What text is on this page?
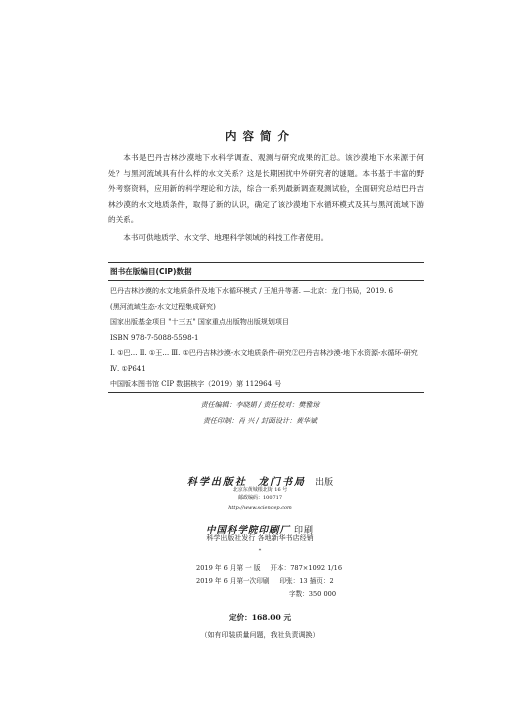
内容简介

本书是巴丹吉林沙漠地下水科学调查、观测与研究成果的汇总。该沙漠地下水来源于何处？与黑河流域具有什么样的水文关系？这是长期困扰中外研究者的谜题。本书基于丰富的野外考察资料，应用新的科学理论和方法，综合一系列最新调查观测试验，全面研究总结巴丹吉林沙漠的水文地质条件，取得了新的认识，确定了该沙漠地下水循环模式及其与黑河流域下游的关系。

本书可供地质学、水文学、地理科学领域的科技工作者使用。

图书在版编目(CIP)数据
巴丹吉林沙漠的水文地质条件及地下水循环模式 / 王旭升等著. —北京：龙门书局，2019. 6
(黑河流域生态-水文过程集成研究)
国家出版基金项目 "十三五" 国家重点出版物出版规划项目
ISBN 978-7-5088-5598-1
Ⅰ. ①巴… Ⅱ. ①王… Ⅲ. ①巴丹吉林沙漠-水文地质条件-研究②巴丹吉林沙漠-地下水资源-水循环-研究 Ⅳ. ①P641
中国版本图书馆 CIP 数据核字（2019）第 112964 号
责任编辑：李晓娟 / 责任校对：樊雅琼
责任印制：肖 兴 / 封面设计：黄华斌
科学出版社 龙门书局 出版
北京东黄城根北街 16 号
邮政编码：100717
http://www.sciencep.com
中国科学院印刷厂 印刷
科学出版社发行 各地新华书店经销
*
2019 年 6 月第 一 版 开本：787×1092 1/16
2019 年 6 月第一次印刷 印张：13 插页：2
字数：350 000
定价：168.00 元
（如有印装质量问题，我社负责调换）
